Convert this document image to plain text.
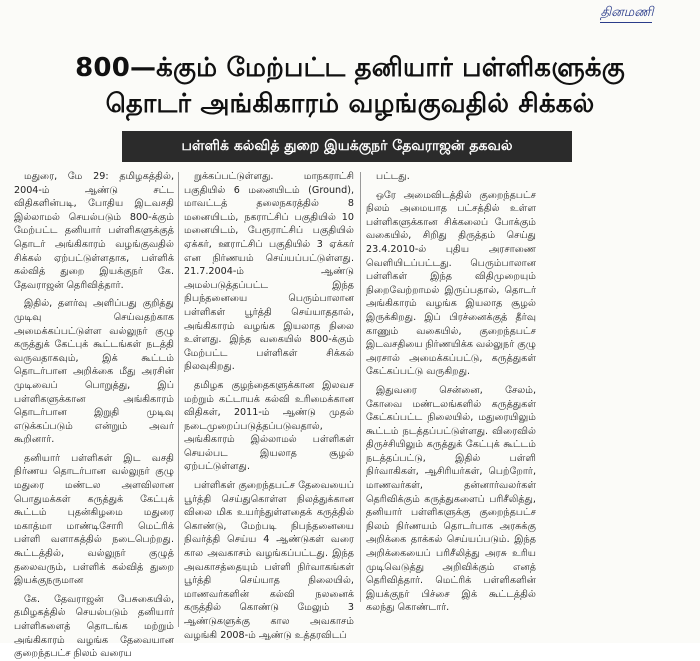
தினமணி
800—க்கும் மேற்பட்ட தனியார் பள்ளிகளுக்கு
தொடர் அங்கிகாரம் வழங்குவதில் சிக்கல்
பள்ளிக் கல்வித் துறை இயக்குநர் தேவராஜன் தகவல்

மதுரை, மே 29: தமிழகத்தில், 2004-ம் ஆண்டு சட்ட விதிகளின்படி, போதிய இடவசதி இல்லாமல் செயல்படும் 800-க்கும் மேற்பட்ட தனியார் பள்ளிகளுக்குத் தொடர் அங்கிகாரம் வழங்குவதில் சிக்கல் ஏற்பட்டுள்ளதாக, பள்ளிக் கல்வித் துறை இயக்குநர் கே. தேவராஜன் தெரிவித்தார்.

இதில், தளர்வு அளிப்பது குறித்து முடிவு செய்வதற்காக அமைக்கப்பட்டுள்ள வல்லுநர் குழு கருத்துக் கேட்புக் கூட்டங்கள் நடத்தி வருவதாகவும், இக் கூட்டம் தொடர்பான அறிக்கை மீது அரசின் முடிவைப் பொறுத்து, இப் பள்ளிகளுக்கான அங்கிகாரம் தொடர்பான இறுதி முடிவு எடுக்கப்படும் என்றும் அவர் கூறினார்.

தனியார் பள்ளிகள் இட வசதி நிர்ணய தொடர்பான வல்லுநர் குழு மதுரை மண்டல அளவிலான பொதுமக்கள் கருத்துக் கேட்புக் கூட்டம் புதன்கிழமை மதுரை மகாத்மா மாண்டிசோரி மெட்ரிக் பள்ளி வளாகத்தில் நடைபெற்றது. கூட்டத்தில், வல்லுநர் குழுத் தலைவரும், பள்ளிக் கல்வித் துறை இயக்குநருமான

கே. தேவராஜன் பேசுகையில், தமிழகத்தில் செயல்படும் தனியார் பள்ளிகளைத் தொடங்க மற்றும் அங்கிகாரம் வழங்க தேவையான குறைந்தபட்ச நிலம் வரைய

றுக்கப்பட்டுள்ளது. மாநகராட்சி பகுதியில் 6 மனையிடம் (Ground), மாவட்டத் தலைநகரத்தில் 8 மனையிடம், நகராட்சிப் பகுதியில் 10 மனையிடம், பேரூராட்சிப் பகுதியில் ஏக்கர், ஊராட்சிப் பகுதியில் 3 ஏக்கர் என நிர்ணயம் செய்யப்பட்டுள்ளது. 21.7.2004-ம் ஆண்டு அமல்படுத்தப்பட்ட இந்த நிபந்தனையை பெரும்பாலான பள்ளிகள் பூர்த்தி செய்யாததால், அங்கிகாரம் வழங்க இயலாத நிலை உள்ளது. இந்த வகையில் 800-க்கும் மேற்பட்ட பள்ளிகள் சிக்கல் நிலவுகிறது.

தமிழக குழந்தைகளுக்கான இலவச மற்றும் கட்டாயக் கல்வி உரிமைக்கான விதிகள், 2011-ம் ஆண்டு முதல் நடைமுறைப்படுத்தப்படுவதால், அங்கிகாரம் இல்லாமல் பள்ளிகள் செயல்பட இயலாத சூழல் ஏற்பட்டுள்ளது.

பள்ளிகள் குறைந்தபட்ச தேவையைப் பூர்த்தி செய்துகொள்ள நிலத்துக்கான விலை மிக உயர்ந்துள்ளதைக் கருத்தில் கொண்டு, மேற்படி நிபந்தனையை நிவர்த்தி செய்ய 4 ஆண்டுகள் வரை கால அவகாசம் வழங்கப்பட்டது. இந்த அவகாசத்தையும் பள்ளி நிர்வாகங்கள் பூர்த்தி செய்யாத நிலையில், மாணவர்களின் கல்வி நலனைக் கருத்தில் கொண்டு மேலும் 3 ஆண்டுகளுக்கு கால அவகாசம் வழங்கி 2008-ம் ஆண்டு உத்தரவிடப்

பட்டது.

ஒரே அமைவிடத்தில் குறைந்தபட்ச நிலம் அமையாத பட்சத்தில் உள்ள பள்ளிகளுக்கான சிக்கலைப் போக்கும் வகையில், சிறிது திருத்தம் செய்து 23.4.2010-ல் புதிய அரசாணை வெளியிடப்பட்டது. பெரும்பாலான பள்ளிகள் இந்த விதிமுறையும் நிறைவேற்றாமல் இருப்பதால், தொடர் அங்கிகாரம் வழங்க இயலாத சூழல் இருக்கிறது. இப் பிரச்னைக்குத் தீர்வு காணும் வகையில், குறைந்தபட்ச இடவசதியை நிர்ணயிக்க வல்லுநர் குழு அரசால் அமைக்கப்பட்டு, கருத்துகள் கேட்கப்பட்டு வருகிறது.

இதுவரை சென்னை, சேலம், கோவை மண்டலங்களில் கருத்துகள் கேட்கப்பட்ட நிலையில், மதுரையிலும் கூட்டம் நடத்தப்பட்டுள்ளது. விரைவில் திருச்சியிலும் கருத்துக் கேட்புக் கூட்டம் நடத்தப்பட்டு, இதில் பள்ளி நிர்வாகிகள், ஆசிரியர்கள், பெற்றோர், மாணவர்கள், தன்னார்வலர்கள் தெரிவிக்கும் கருத்துகளைப் பரிசீலித்து, தனியார் பள்ளிகளுக்கு குறைந்தபட்ச நிலம் நிர்ணயம் தொடர்பாக அரசுக்கு அறிக்கை தாக்கல் செய்யப்படும். இந்த அறிக்கையைப் பரிசீலித்து அரசு உரிய முடிவெடுத்து அறிவிக்கும் எனத் தெரிவித்தார். மெட்ரிக் பள்ளிகளின் இயக்குநர் பிச்சை இக் கூட்டத்தில் கலந்து கொண்டார்.
